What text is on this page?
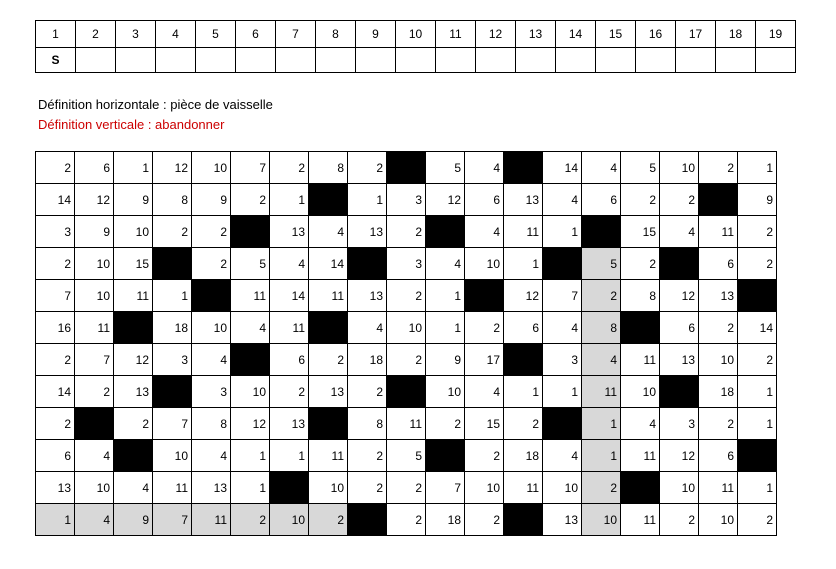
1	2	3	4	5	6	7	8	9	10	11	12	13	14	15	16	17	18	19
S																		
Définition horizontale : pièce de vaisselle
Définition verticale : abandonner
2	6	1	12	10	7	2	8	2		5	4		14	4	5	10	2	1
14	12	9	8	9	2	1		1	3	12	6	13	4	6	2	2		9
3	9	10	2	2		13	4	13	2		4	11	1		15	4	11	2
2	10	15		2	5	4	14		3	4	10	1		5	2		6	2
7	10	11	1		11	14	11	13	2	1		12	7	2	8	12	13	
16	11		18	10	4	11		4	10	1	2	6	4	8		6	2	14
2	7	12	3	4		6	2	18	2	9	17		3	4	11	13	10	2
14	2	13		3	10	2	13	2		10	4	1	1	11	10		18	1
2		2	7	8	12	13		8	11	2	15	2		1	4	3	2	1
6	4		10	4	1	1	11	2	5		2	18	4	1	11	12	6	
13	10	4	11	13	1		10	2	2	7	10	11	10	2		10	11	1
1	4	9	7	11	2	10	2		2	18	2		13	10	11	2	10	2
